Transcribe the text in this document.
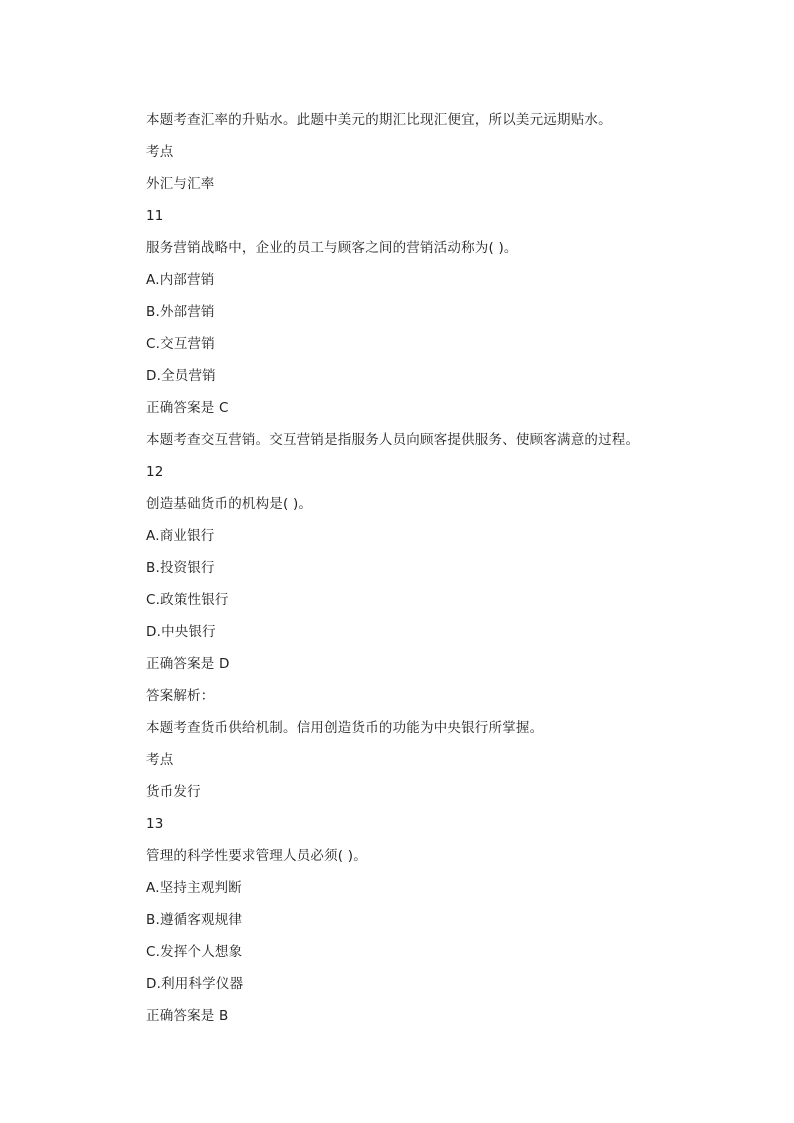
本题考查汇率的升贴水。此题中美元的期汇比现汇便宜，所以美元远期贴水。
考点
外汇与汇率
11
服务营销战略中，企业的员工与顾客之间的营销活动称为( )。
A.内部营销
B.外部营销
C.交互营销
D.全员营销
正确答案是 C
本题考查交互营销。交互营销是指服务人员向顾客提供服务、使顾客满意的过程。
12
创造基础货币的机构是( )。
A.商业银行
B.投资银行
C.政策性银行
D.中央银行
正确答案是 D
答案解析：
本题考查货币供给机制。信用创造货币的功能为中央银行所掌握。
考点
货币发行
13
管理的科学性要求管理人员必须( )。
A.坚持主观判断
B.遵循客观规律
C.发挥个人想象
D.利用科学仪器
正确答案是 B
